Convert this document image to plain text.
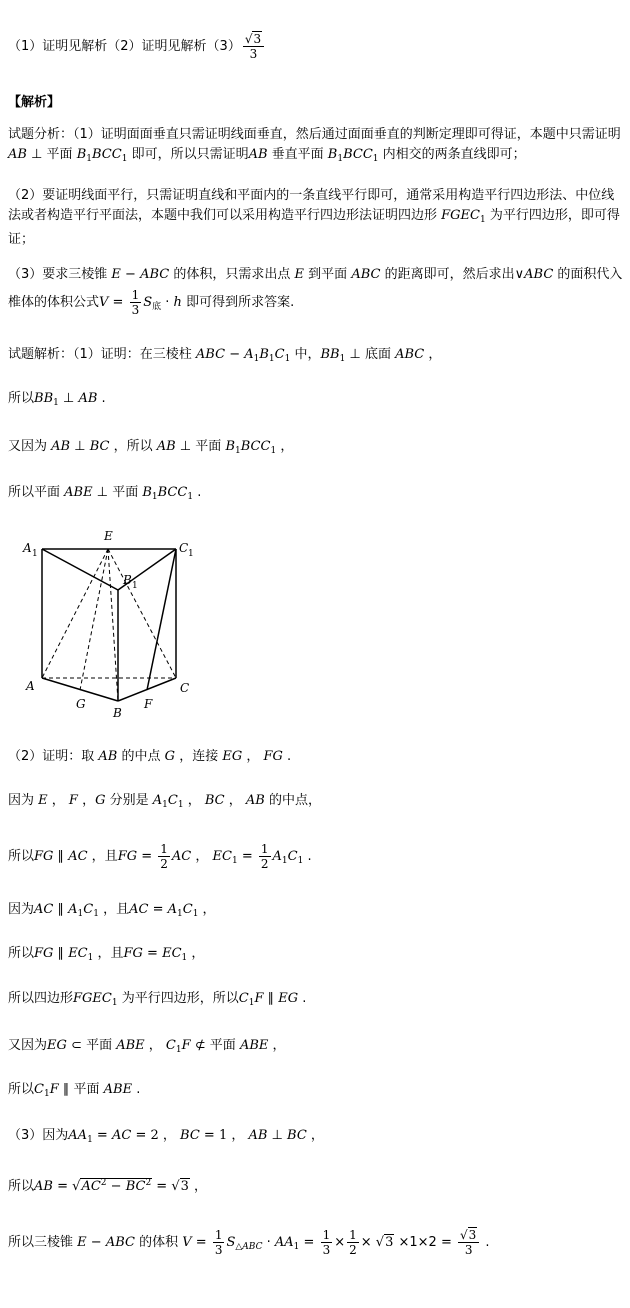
（1）证明见解析（2）证明见解析$(3) \frac{√3}{3}$
【解析】
试题分析：（1）证明面面垂直只需证明线面垂直，然后通过面面垂直的判断定理即可得证，本题中只需证明AB ⊥ 平面 $B_1BCC_1$ 即可，所以只需证明AB 垂直平面 $B_1BCC_1$ 内相交的两条直线即可；
（2）要证明线面平行，只需证明直线和平面内的一条直线平行即可，通常采用构造平行四边形法、中位线法或者构造平行平面法，本题中我们可以采用构造平行四边形法证明四边形 $FGEC_1$ 为平行四边形，即可得证；
（3）要求三棱锥 E − ABC 的体积，只需求出点 E 到平面 ABC 的距离即可，然后求出∨ABC 的面积代入椎体的体积公式$V = \frac{1}{3} S_底 \cdot h$ 即可得到所求答案.
试题解析：（1）证明：在三棱柱 ABC − $A_1B_1C_1$ 中，$BB_1$ ⊥ 底面 ABC ，
所以$BB_1$ ⊥ AB .
又因为 AB ⊥ BC ，所以 AB ⊥ 平面 $B_1BCC_1$ ，
所以平面 ABE ⊥ 平面 $B_1BCC_1$ .
A 1
E
C 1
B 1
A	C
G
B
F
（2）证明：取 AB 的中点 G ，连接 EG ， FG .
因为 E ， F ，G 分别是 $A_1C_1$ ， BC ， AB 的中点，
所以FG ∥ AC ，且FG = $\frac{1}{2}$ AC ， $EC_1 = \frac{1}{2} A_1C_1$ .
因为AC ∥ $A_1C_1$ ，且AC = $A_1C_1$ ，
所以FG ∥ $EC_1$ ，且FG = $EC_1$ ，
所以四边形$FGEC_1$ 为平行四边形，所以$C_1F$ ∥ EG .
又因为EG ⊂ 平面 ABE ， $C_1F$ ⊄ 平面 ABE ，
所以$C_1F$ ∥ 平面 ABE .
（3）因为$AA_1$ = AC = 2 ， BC = 1 ， AB ⊥ BC ，
所以AB = $√AC^2 - BC^2 = √3$ ，
所以三棱锥 E − ABC 的体积 $V = \frac{1}{3} S_{\triangle ABC} \cdot AA_1 = \frac{1}{3} \times \frac{1}{2} \times √3 \times 1\times 2 = \frac{√3}{3}$ .
